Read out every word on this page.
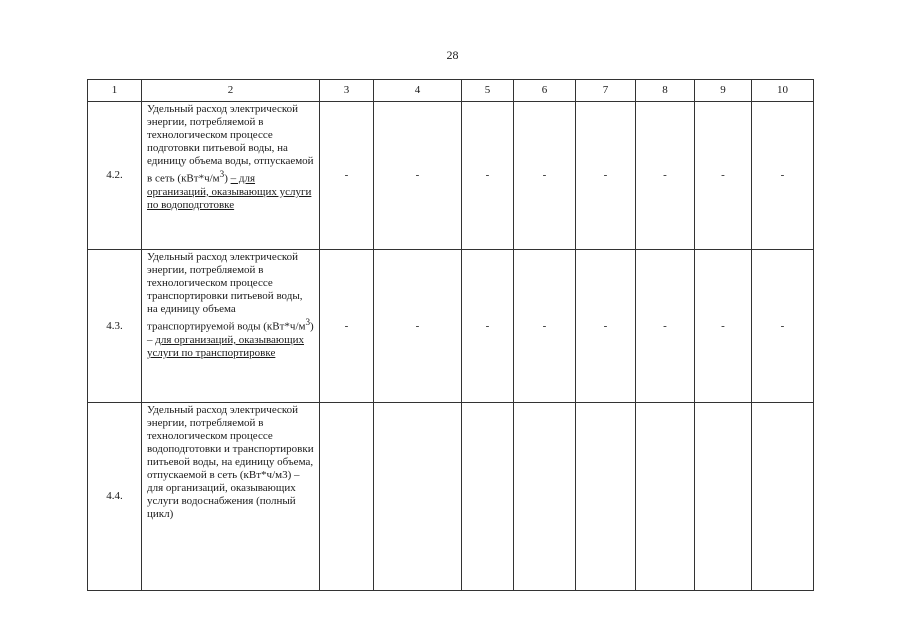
28
1	2	3	4	5	6	7	8	9	10
4.2.	Удельный расход электрической энергии, потребляемой в технологическом процессе подготовки питьевой воды, на единицу объема воды, отпускаемой в сеть $(кВт*ч/м^3)$ – для организаций, оказывающих услуги по водоподготовке	-	-	-	-	-	-	-	-
4.3.	Удельный расход электрической энергии, потребляемой в технологическом процессе транспортировки питьевой воды, на единицу объема транспортируемой воды $(кВт*ч/м^3)$ – для организаций, оказывающих услуги по транспортировке	-	-	-	-	-	-	-	-
4.4.	Удельный расход электрической энергии, потребляемой в технологическом процессе водоподготовки и транспортировки питьевой воды, на единицу объема, отпускаемой в сеть (кВт*ч/м3) – для организаций, оказывающих услуги водоснабжения (полный цикл)								
